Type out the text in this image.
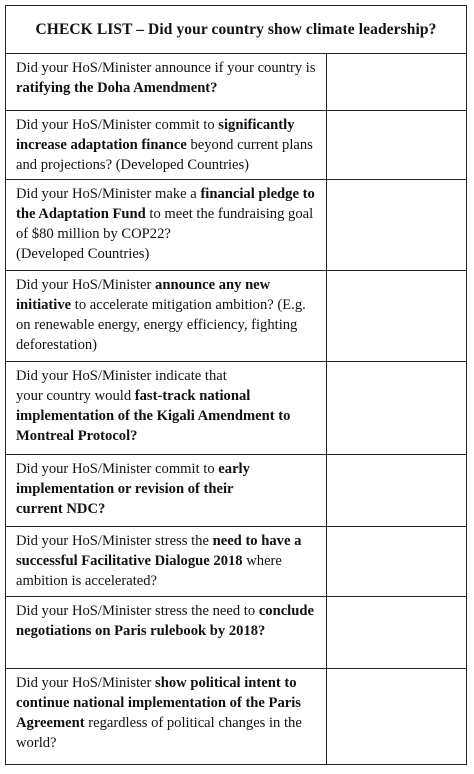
CHECK LIST – Did your country show climate leadership?
Did your HoS/Minister announce if your country is ratifying the Doha Amendment?
Did your HoS/Minister commit to significantly increase adaptation finance beyond current plans and projections? (Developed Countries)
Did your HoS/Minister make a financial pledge to the Adaptation Fund to meet the fundraising goal of $80 million by COP22?
(Developed Countries)
Did your HoS/Minister announce any new initiative to accelerate mitigation ambition? (E.g. on renewable energy, energy efficiency, fighting deforestation)
Did your HoS/Minister indicate that
your country would fast-track national implementation of the Kigali Amendment to Montreal Protocol?
Did your HoS/Minister commit to early implementation or revision of their
current NDC?
Did your HoS/Minister stress the need to have a successful Facilitative Dialogue 2018 where ambition is accelerated?
Did your HoS/Minister stress the need to conclude negotiations on Paris rulebook by 2018?
Did your HoS/Minister show political intent to continue national implementation of the Paris Agreement regardless of political changes in the world?
